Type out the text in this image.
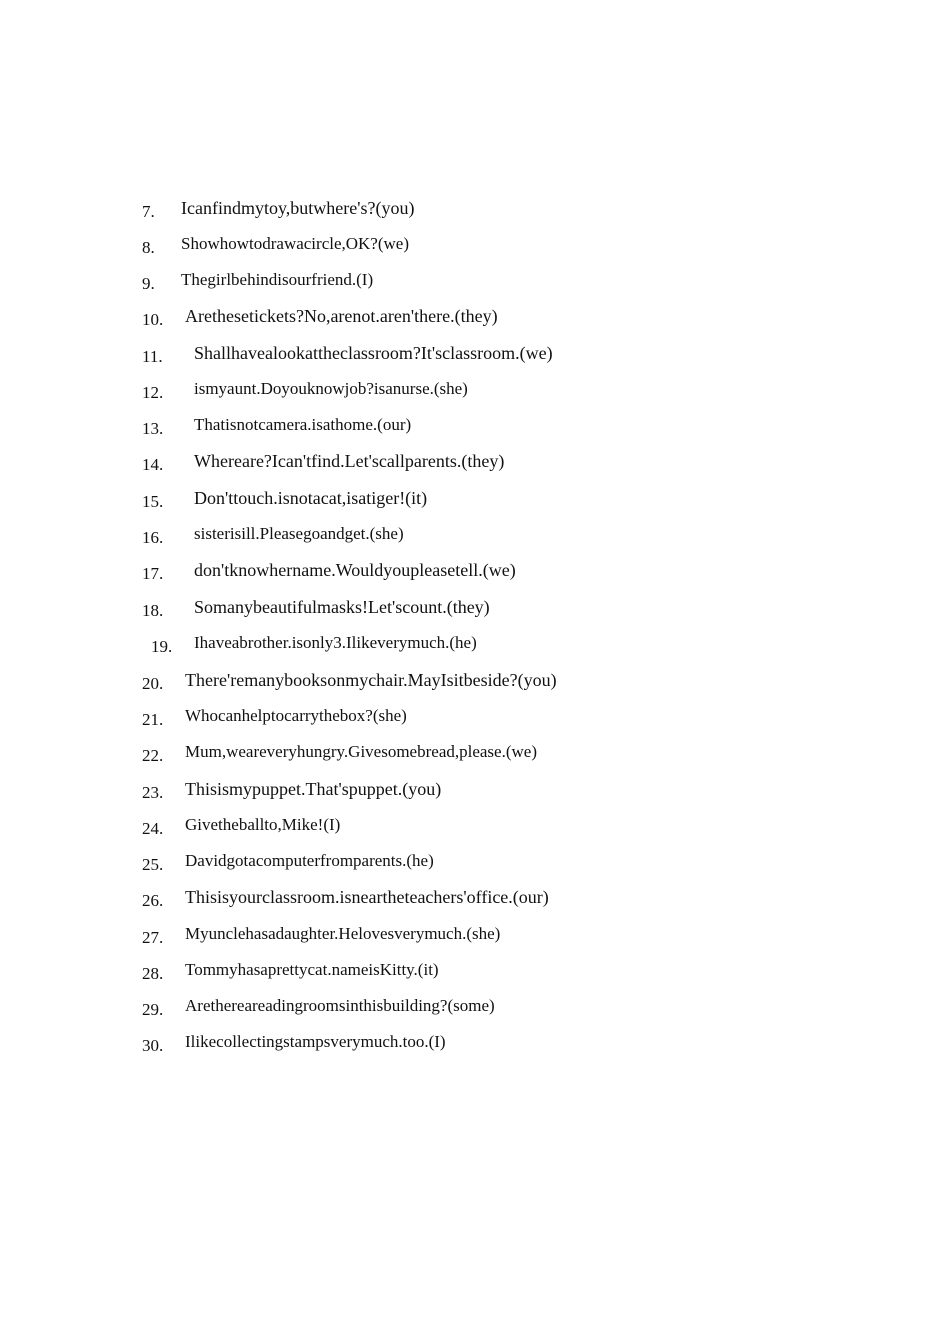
7. Icanfindmytoy,butwhere's?(you)
8. Showhowtodrawacircle,OK?(we)
9. Thegirlbehindisourfriend.(I)
10. Arethesetickets?No,arenot.aren'there.(they)
11. Shallhavealookattheclassroom?It'sclassroom.(we)
12. ismyaunt.Doyouknowjob?isanurse.(she)
13. Thatisnotcamera.isathome.(our)
14. Whereare?Ican'tfind.Let'scallparents.(they)
15. Don'ttouch.isnotacat,isatiger!(it)
16. sisterisill.Pleasegoandget.(she)
17. don'tknowhername.Wouldyoupleasetell.(we)
18. Somanybeautifulmasks!Let'scount.(they)
19. Ihaveabrother.isonly3.Ilikeverymuch.(he)
20. There'remanybooksonmychair.MayIsitbeside?(you)
21. Whocanhelptocarrythebox?(she)
22. Mum,weareveryhungry.Givesomebread,please.(we)
23. Thisismypuppet.That'spuppet.(you)
24. Givetheballto,Mike!(I)
25. Davidgotacomputerfromparents.(he)
26. Thisisyourclassroom.isneartheteachers'office.(our)
27. Myunclehasadaughter.Helovesverymuch.(she)
28. Tommyhasaprettycat.nameisKitty.(it)
29. Arethereareadingroomsinthisbuilding?(some)
30. Ilikecollectingstampsverymuch.too.(I)
